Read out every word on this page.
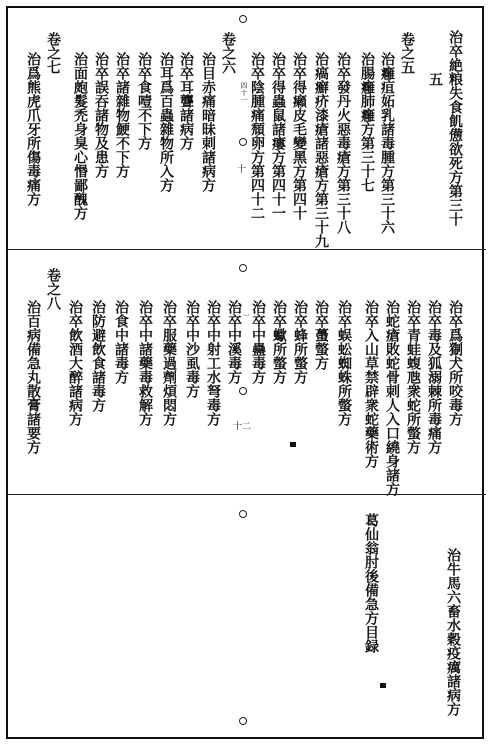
治卒絶粮失食飢憊欲死方第三十
五
卷之五
治癰疽妬乳諸毒腫方第三十六
治腸癰肺癰方第三十七
治卒發丹火惡毒瘡方第三十八
治瘑癬疥漆瘡諸惡瘡方第三十九
治卒得癩皮毛變黑方第四十
治卒得蟲鼠諸瘻方第四十一
治卒陰腫痛頹卵方第四十二
卷之六
治目赤痛暗昧刺諸病方
治卒耳聾諸病方
治耳爲百蟲雜物所入方
治卒食噎不下方
治卒諸雜物鯁不下方
治卒誤吞諸物及患方
治面皰髮禿身臭心惽鄙醜方
卷之七
治爲熊虎爪牙所傷毒痛方	四十一
十
治卒爲猘犬所咬毒方
治卒毒及狐溺棘所毒痛方
治卒青蛙蝮虺衆蛇所螫方
治蛇瘡敗蛇骨刺人入口繞身諸方
治卒入山草禁辟衆蛇藥術方
治卒蜈蚣蜘蛛所螫方
治卒蠆螫方
治卒蜂所螫方
治卒蠍所螫方
治卒中蠱毒方
治卒中溪毒方
治卒中射工水弩毒方
治卒中沙虱毒方
治卒服藥過劑煩悶方
治卒中諸藥毒救解方
治食中諸毒方
治防避飲食諸毒方
治卒飲酒大醉諸病方
卷之八
治百病備急丸散膏諸要方	一
十二
治牛馬六畜水穀疫癘諸病方
葛仙翁肘後備急方目録
